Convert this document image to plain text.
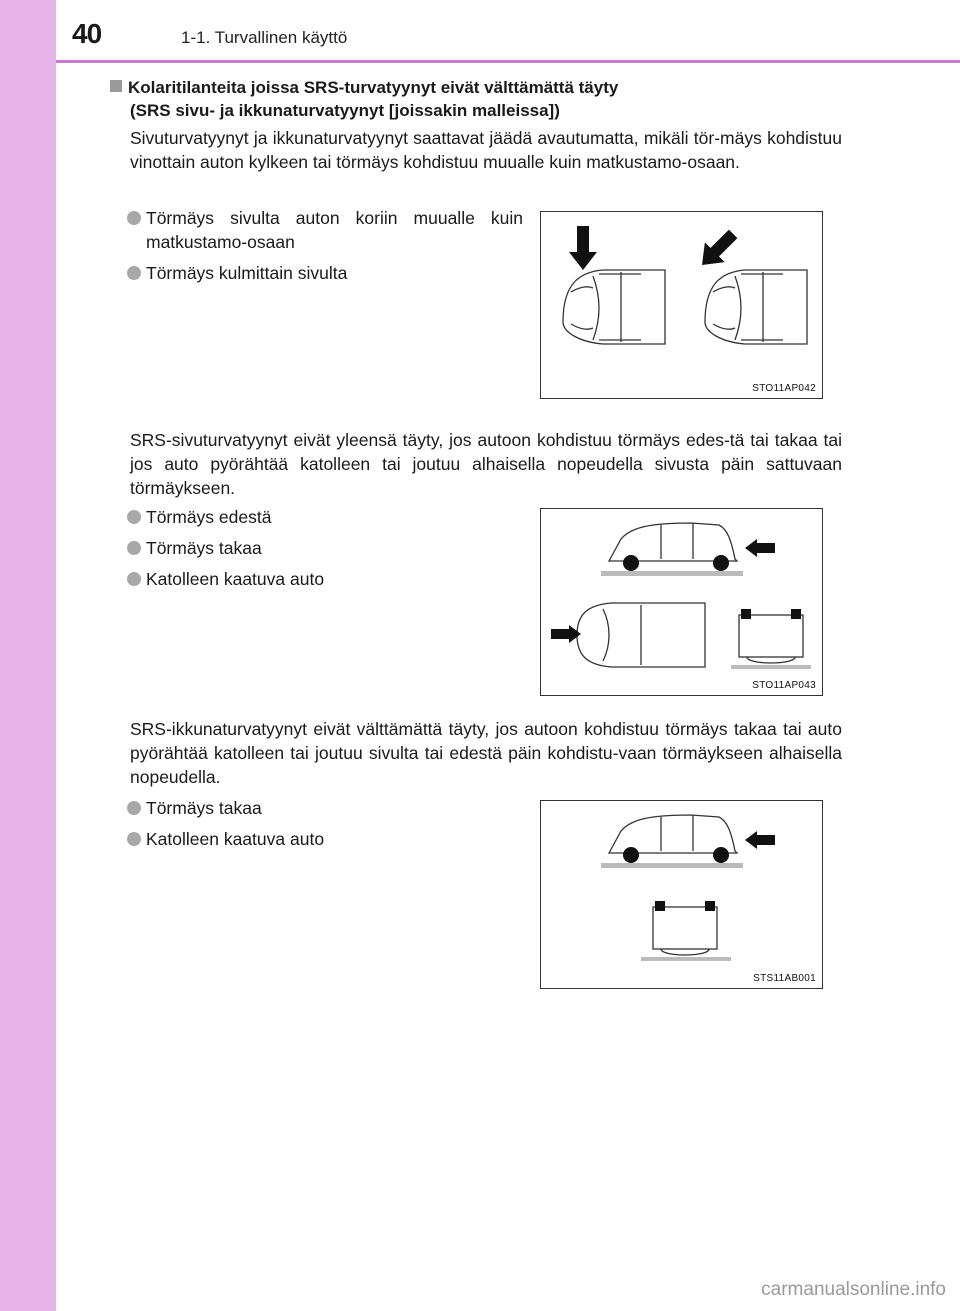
40	1-1. Turvallinen käyttö
Kolaritilanteita joissa SRS-turvatyynyt eivät välttämättä täyty
(SRS sivu- ja ikkunaturvatyynyt [joissakin malleissa])
Sivuturvatyynyt ja ikkunaturvatyynyt saattavat jäädä avautumatta, mikäli tör-mäys kohdistuu vinottain auton kylkeen tai törmäys kohdistuu muualle kuin matkustamo-osaan.
Törmäys sivulta auton koriin muualle kuin matkustamo-osaan
Törmäys kulmittain sivulta
STO11AP042
SRS-sivuturvatyynyt eivät yleensä täyty, jos autoon kohdistuu törmäys edes-tä tai takaa tai jos auto pyörähtää katolleen tai joutuu alhaisella nopeudella sivusta päin sattuvaan törmäykseen.
Törmäys edestä
Törmäys takaa
Katolleen kaatuva auto
STO11AP043
SRS-ikkunaturvatyynyt eivät välttämättä täyty, jos autoon kohdistuu törmäys takaa tai auto pyörähtää katolleen tai joutuu sivulta tai edestä päin kohdistu-vaan törmäykseen alhaisella nopeudella.
Törmäys takaa
Katolleen kaatuva auto
STS11AB001
carmanualsonline.info
